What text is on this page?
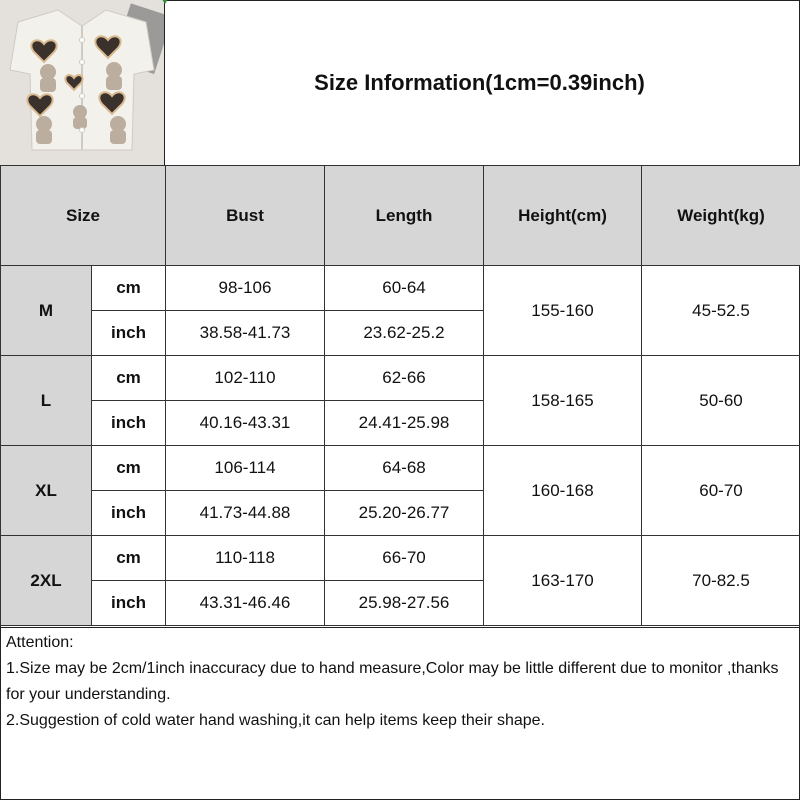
Size Information(1cm=0.39inch)
Size		Bust	Length	Height(cm)	Weight(kg)
M	cm	98-106	60-64	155-160	45-52.5
	inch	38.58-41.73	23.62-25.2		
L	cm	102-110	62-66	158-165	50-60
	inch	40.16-43.31	24.41-25.98		
XL	cm	106-114	64-68	160-168	60-70
	inch	41.73-44.88	25.20-26.77		
2XL	cm	110-118	66-70	163-170	70-82.5
	inch	43.31-46.46	25.98-27.56		

Attention:

1.Size may be 2cm/1inch inaccuracy due to hand measure,Color may be little different due to monitor ,thanks for your understanding.

2.Suggestion of cold water hand washing,it can help items keep their shape.
